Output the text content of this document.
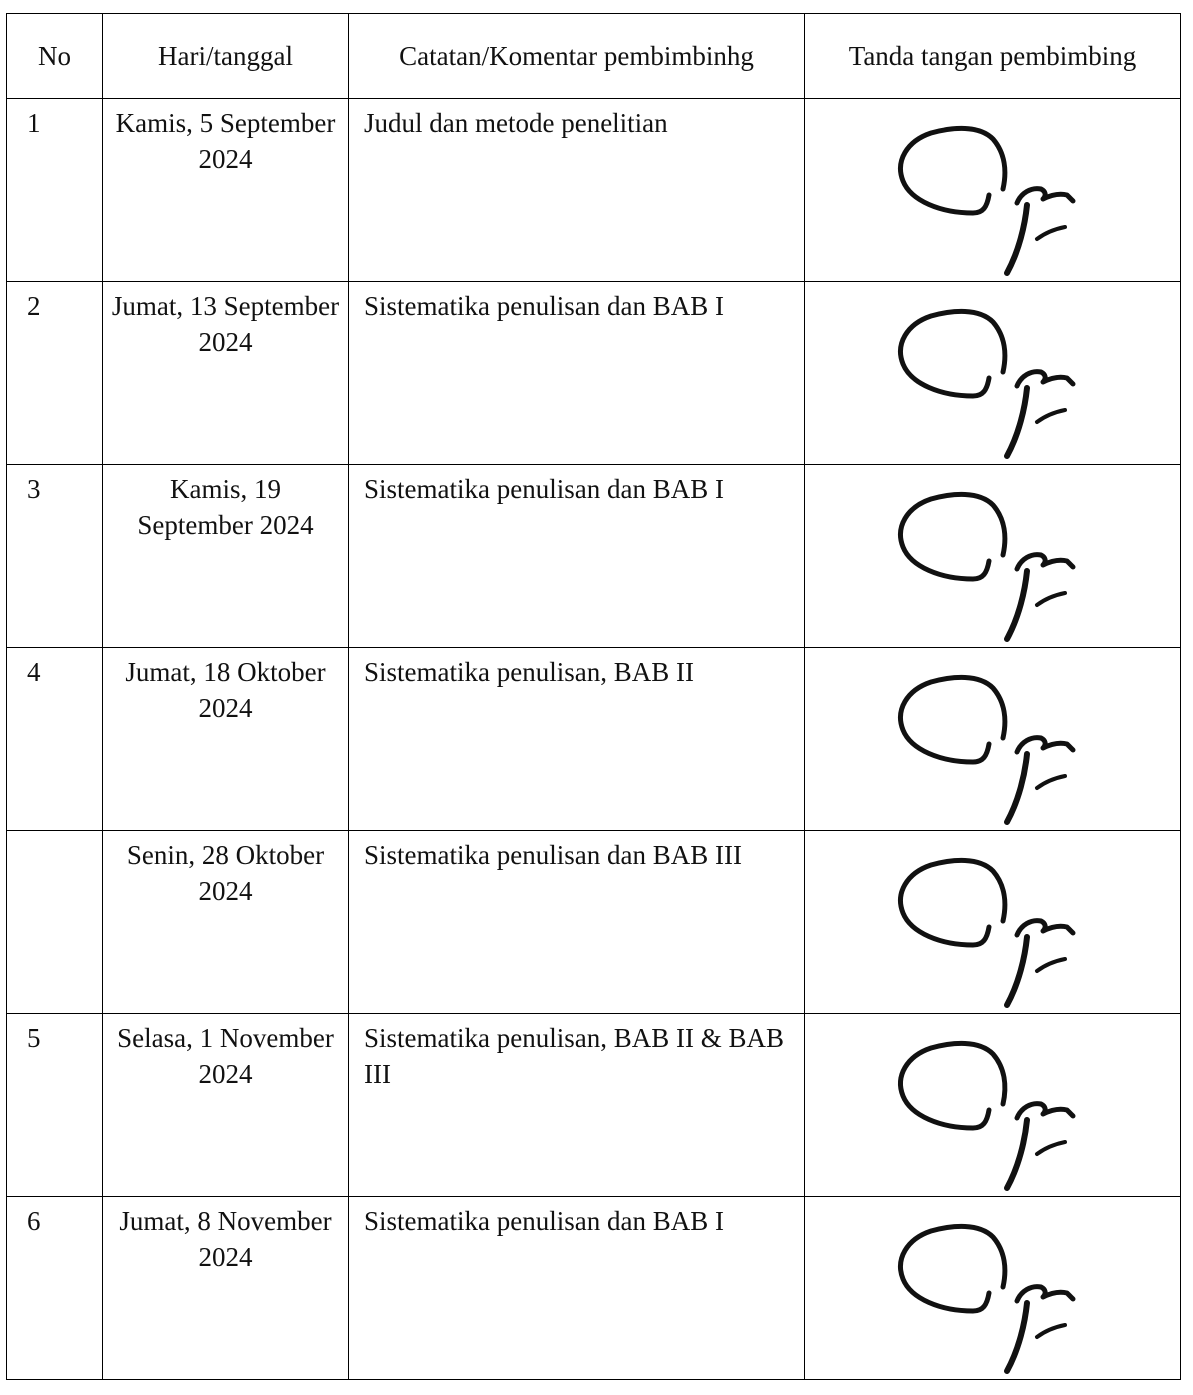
No	Hari/tanggal	Catatan/Komentar pembimbinhg	Tanda tangan pembimbing
1	Kamis, 5 September 2024	Judul dan metode penelitian	

2	Jumat, 13 September 2024	Sistematika penulisan dan BAB I	

3	Kamis, 19 September 2024	Sistematika penulisan dan BAB I	

4	Jumat, 18 Oktober 2024	Sistematika penulisan, BAB II	

	Senin, 28 Oktober 2024	Sistematika penulisan dan BAB III	

5	Selasa, 1 November 2024	Sistematika penulisan, BAB II & BAB III	

6	Jumat, 8 November 2024	Sistematika penulisan dan BAB I	
